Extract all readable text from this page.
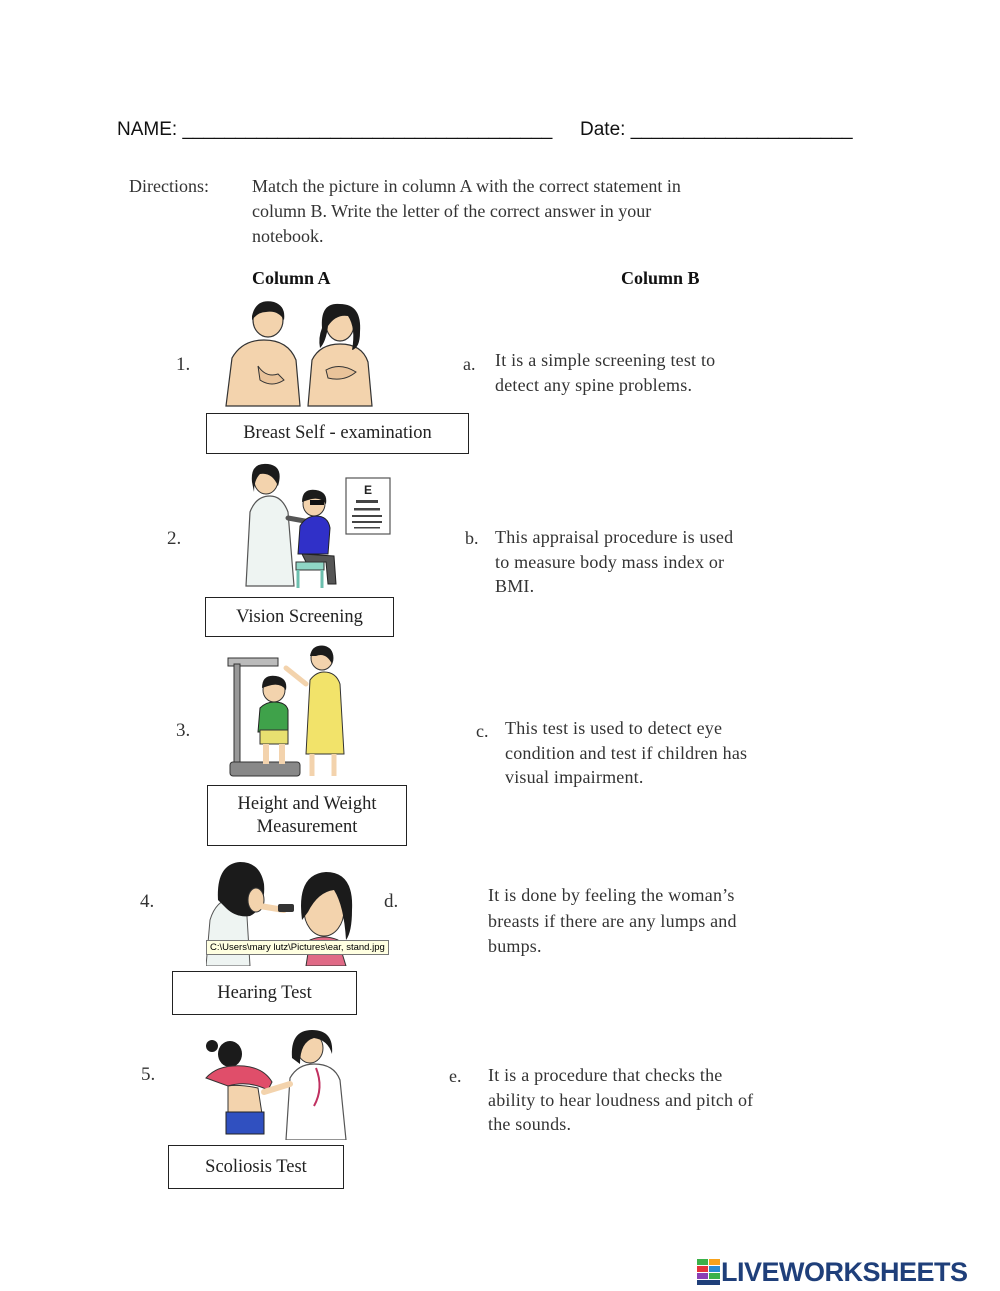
NAME: ___________________________________ Date: _____________________
Directions: Match the picture in column A with the correct statement in
column B. Write the letter of the correct answer in your
notebook.
Column A	Column B
1.
Breast Self - examination
a. It is a simple screening test to
detect any spine problems.
2.
E
Vision Screening
b. This appraisal procedure is used
to measure body mass index or
BMI.
3.
Height and Weight
Measurement
c. This test is used to detect eye
condition and test if children has
visual impairment.
4.
C:\Users\mary lutz\Pictures\ear, stand.jpg
Hearing Test
d.	It is done by feeling the woman’s
breasts if there are any lumps and
bumps.
5.
Scoliosis Test
e. It is a procedure that checks the
ability to hear loudness and pitch of
the sounds.
LIVEWORKSHEETS
